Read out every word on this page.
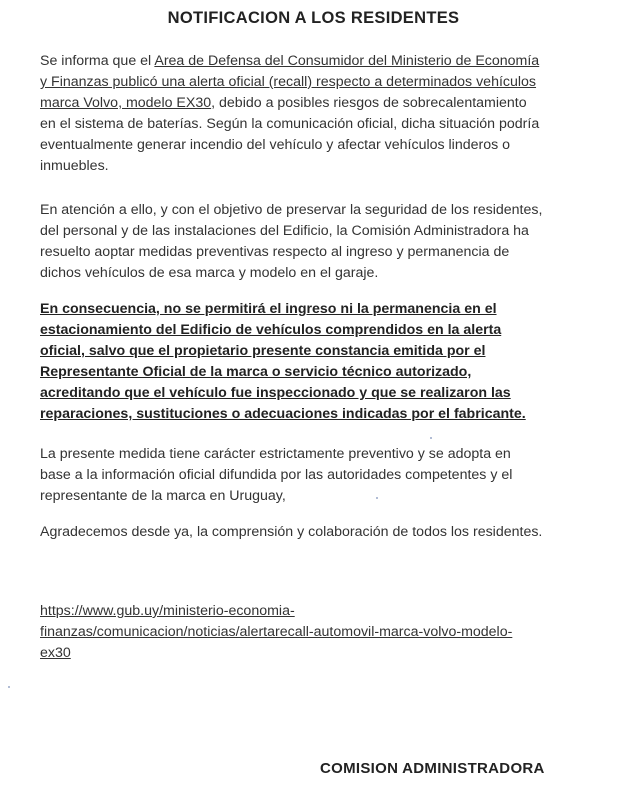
NOTIFICACION A LOS RESIDENTES

Se informa que el Area de Defensa del Consumidor del Ministerio de Economía
y Finanzas publicó una alerta oficial (recall) respecto a determinados vehículos
marca Volvo, modelo EX30, debido a posibles riesgos de sobrecalentamiento
en el sistema de baterías. Según la comunicación oficial, dicha situación podría
eventualmente generar incendio del vehículo y afectar vehículos linderos o
inmuebles.

En atención a ello, y con el objetivo de preservar la seguridad de los residentes,
del personal y de las instalaciones del Edificio, la Comisión Administradora ha
resuelto aoptar medidas preventivas respecto al ingreso y permanencia de
dichos vehículos de esa marca y modelo en el garaje.

En consecuencia, no se permitirá el ingreso ni la permanencia en el
estacionamiento del Edificio de vehículos comprendidos en la alerta
oficial, salvo que el propietario presente constancia emitida por el
Representante Oficial de la marca o servicio técnico autorizado,
acreditando que el vehículo fue inspeccionado y que se realizaron las
reparaciones, sustituciones o adecuaciones indicadas por el fabricante.

La presente medida tiene carácter estrictamente preventivo y se adopta en
base a la información oficial difundida por las autoridades competentes y el
representante de la marca en Uruguay,

Agradecemos desde ya, la comprensión y colaboración de todos los residentes.

https://www.gub.uy/ministerio-economia-
finanzas/comunicacion/noticias/alertarecall-automovil-marca-volvo-modelo-
ex30
COMISION ADMINISTRADORA
